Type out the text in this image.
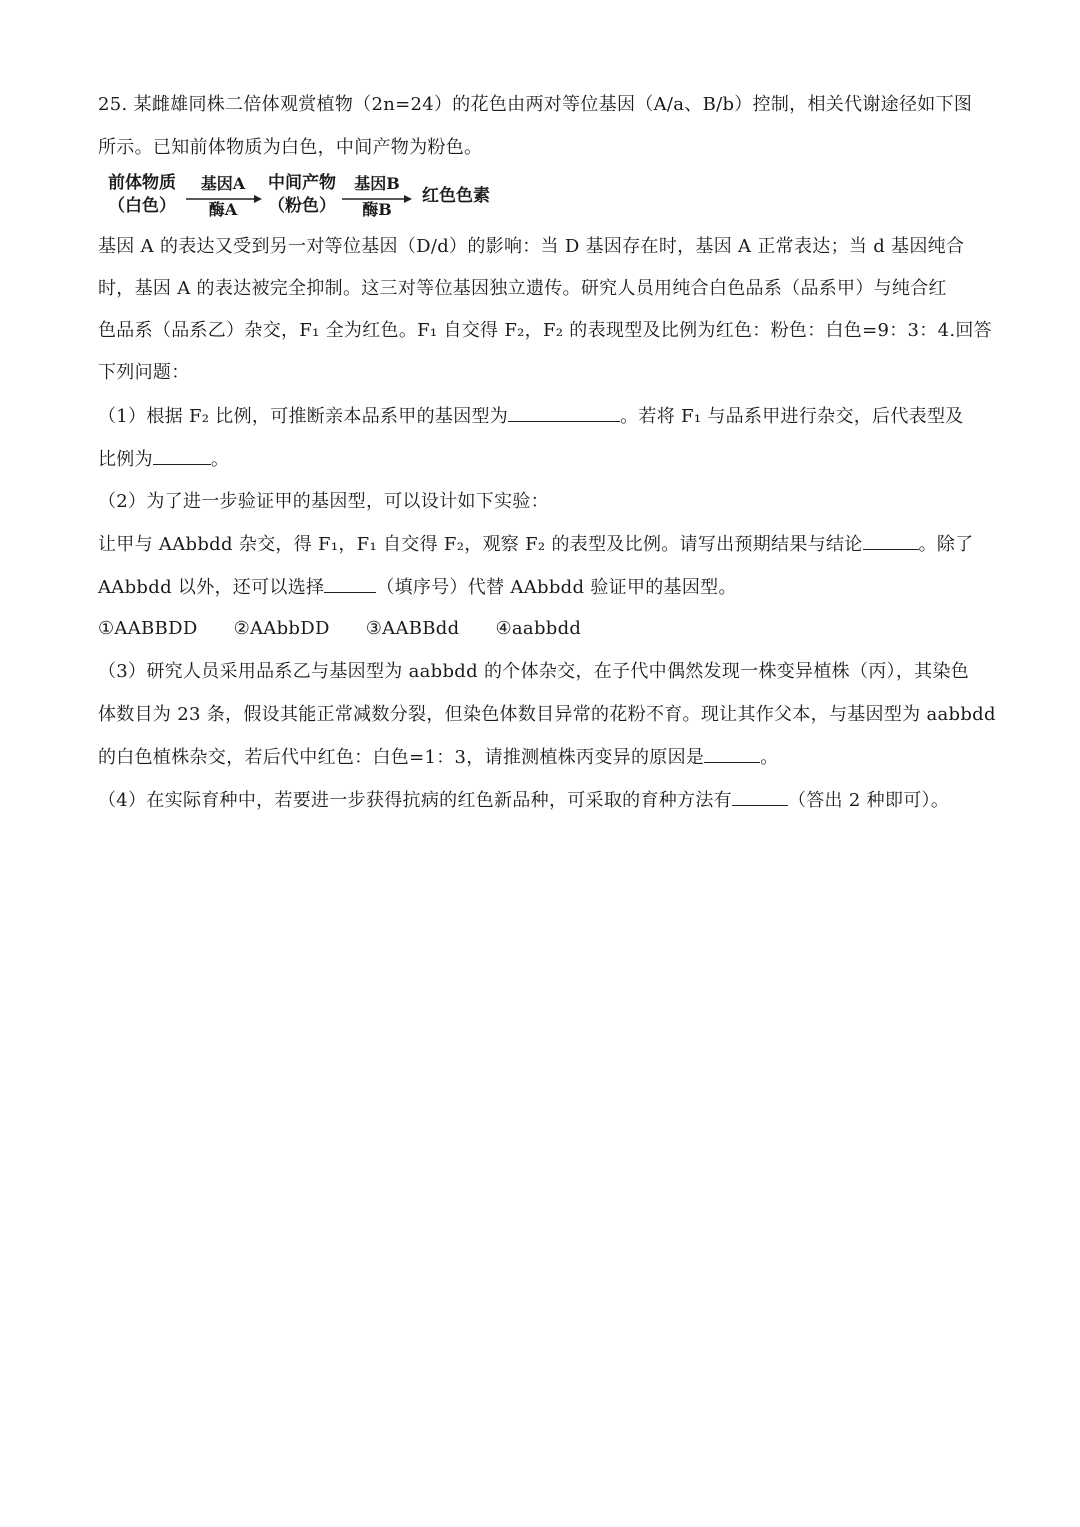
25. 某雌雄同株二倍体观赏植物（2n=24）的花色由两对等位基因（A/a、B/b）控制，相关代谢途径如下图
所示。已知前体物质为白色，中间产物为粉色。
前体物质
（白色）
基因A
酶A
中间产物
（粉色）
基因B
酶B
红色色素
基因 A 的表达又受到另一对等位基因（D/d）的影响：当 D 基因存在时，基因 A 正常表达；当 d 基因纯合
时，基因 A 的表达被完全抑制。这三对等位基因独立遗传。研究人员用纯合白色品系（品系甲）与纯合红
色品系（品系乙）杂交，F₁ 全为红色。F₁ 自交得 F₂，F₂ 的表现型及比例为红色：粉色：白色=9：3：4.回答
下列问题：
（1）根据 F₂ 比例，可推断亲本品系甲的基因型为	。若将 F₁ 与品系甲进行杂交，后代表型及
比例为	。
（2）为了进一步验证甲的基因型，可以设计如下实验：
让甲与 AAbbdd 杂交，得 F₁，F₁ 自交得 F₂，观察 F₂ 的表型及比例。请写出预期结果与结论	。除了
AAbbdd 以外，还可以选择	（填序号）代替 AAbbdd 验证甲的基因型。
①AABBDD ②AAbbDD ③AABBdd ④aabbdd
（3）研究人员采用品系乙与基因型为 aabbdd 的个体杂交，在子代中偶然发现一株变异植株（丙），其染色
体数目为 23 条，假设其能正常减数分裂，但染色体数目异常的花粉不育。现让其作父本，与基因型为 aabbdd
的白色植株杂交，若后代中红色：白色=1：3，请推测植株丙变异的原因是	。
（4）在实际育种中，若要进一步获得抗病的红色新品种，可采取的育种方法有	（答出 2 种即可）。
